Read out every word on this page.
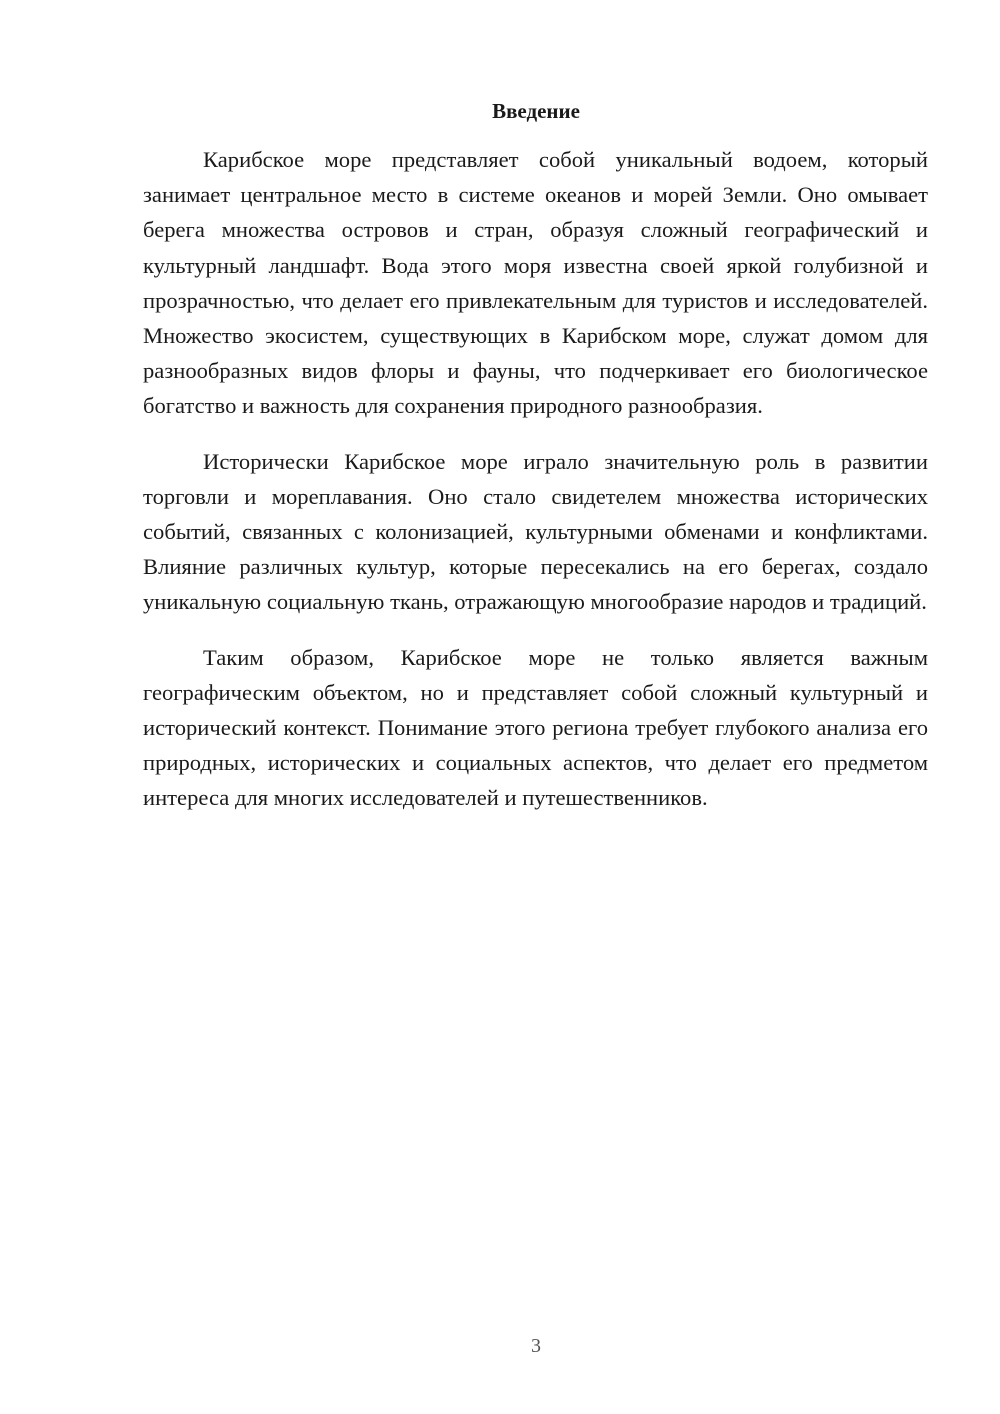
Введение

Карибское море представляет собой уникальный водоем, который занимает центральное место в системе океанов и морей Земли. Оно омывает берега множества островов и стран, образуя сложный географический и культурный ландшафт. Вода этого моря известна своей яркой голубизной и прозрачностью, что делает его привлекательным для туристов и исследователей. Множество экосистем, существующих в Карибском море, служат домом для разнообразных видов флоры и фауны, что подчеркивает его биологическое богатство и важность для сохранения природного разнообразия.

Исторически Карибское море играло значительную роль в развитии торговли и мореплавания. Оно стало свидетелем множества исторических событий, связанных с колонизацией, культурными обменами и конфликтами. Влияние различных культур, которые пересекались на его берегах, создало уникальную социальную ткань, отражающую многообразие народов и традиций.

Таким образом, Карибское море не только является важным географическим объектом, но и представляет собой сложный культурный и исторический контекст. Понимание этого региона требует глубокого анализа его природных, исторических и социальных аспектов, что делает его предметом интереса для многих исследователей и путешественников.

3
